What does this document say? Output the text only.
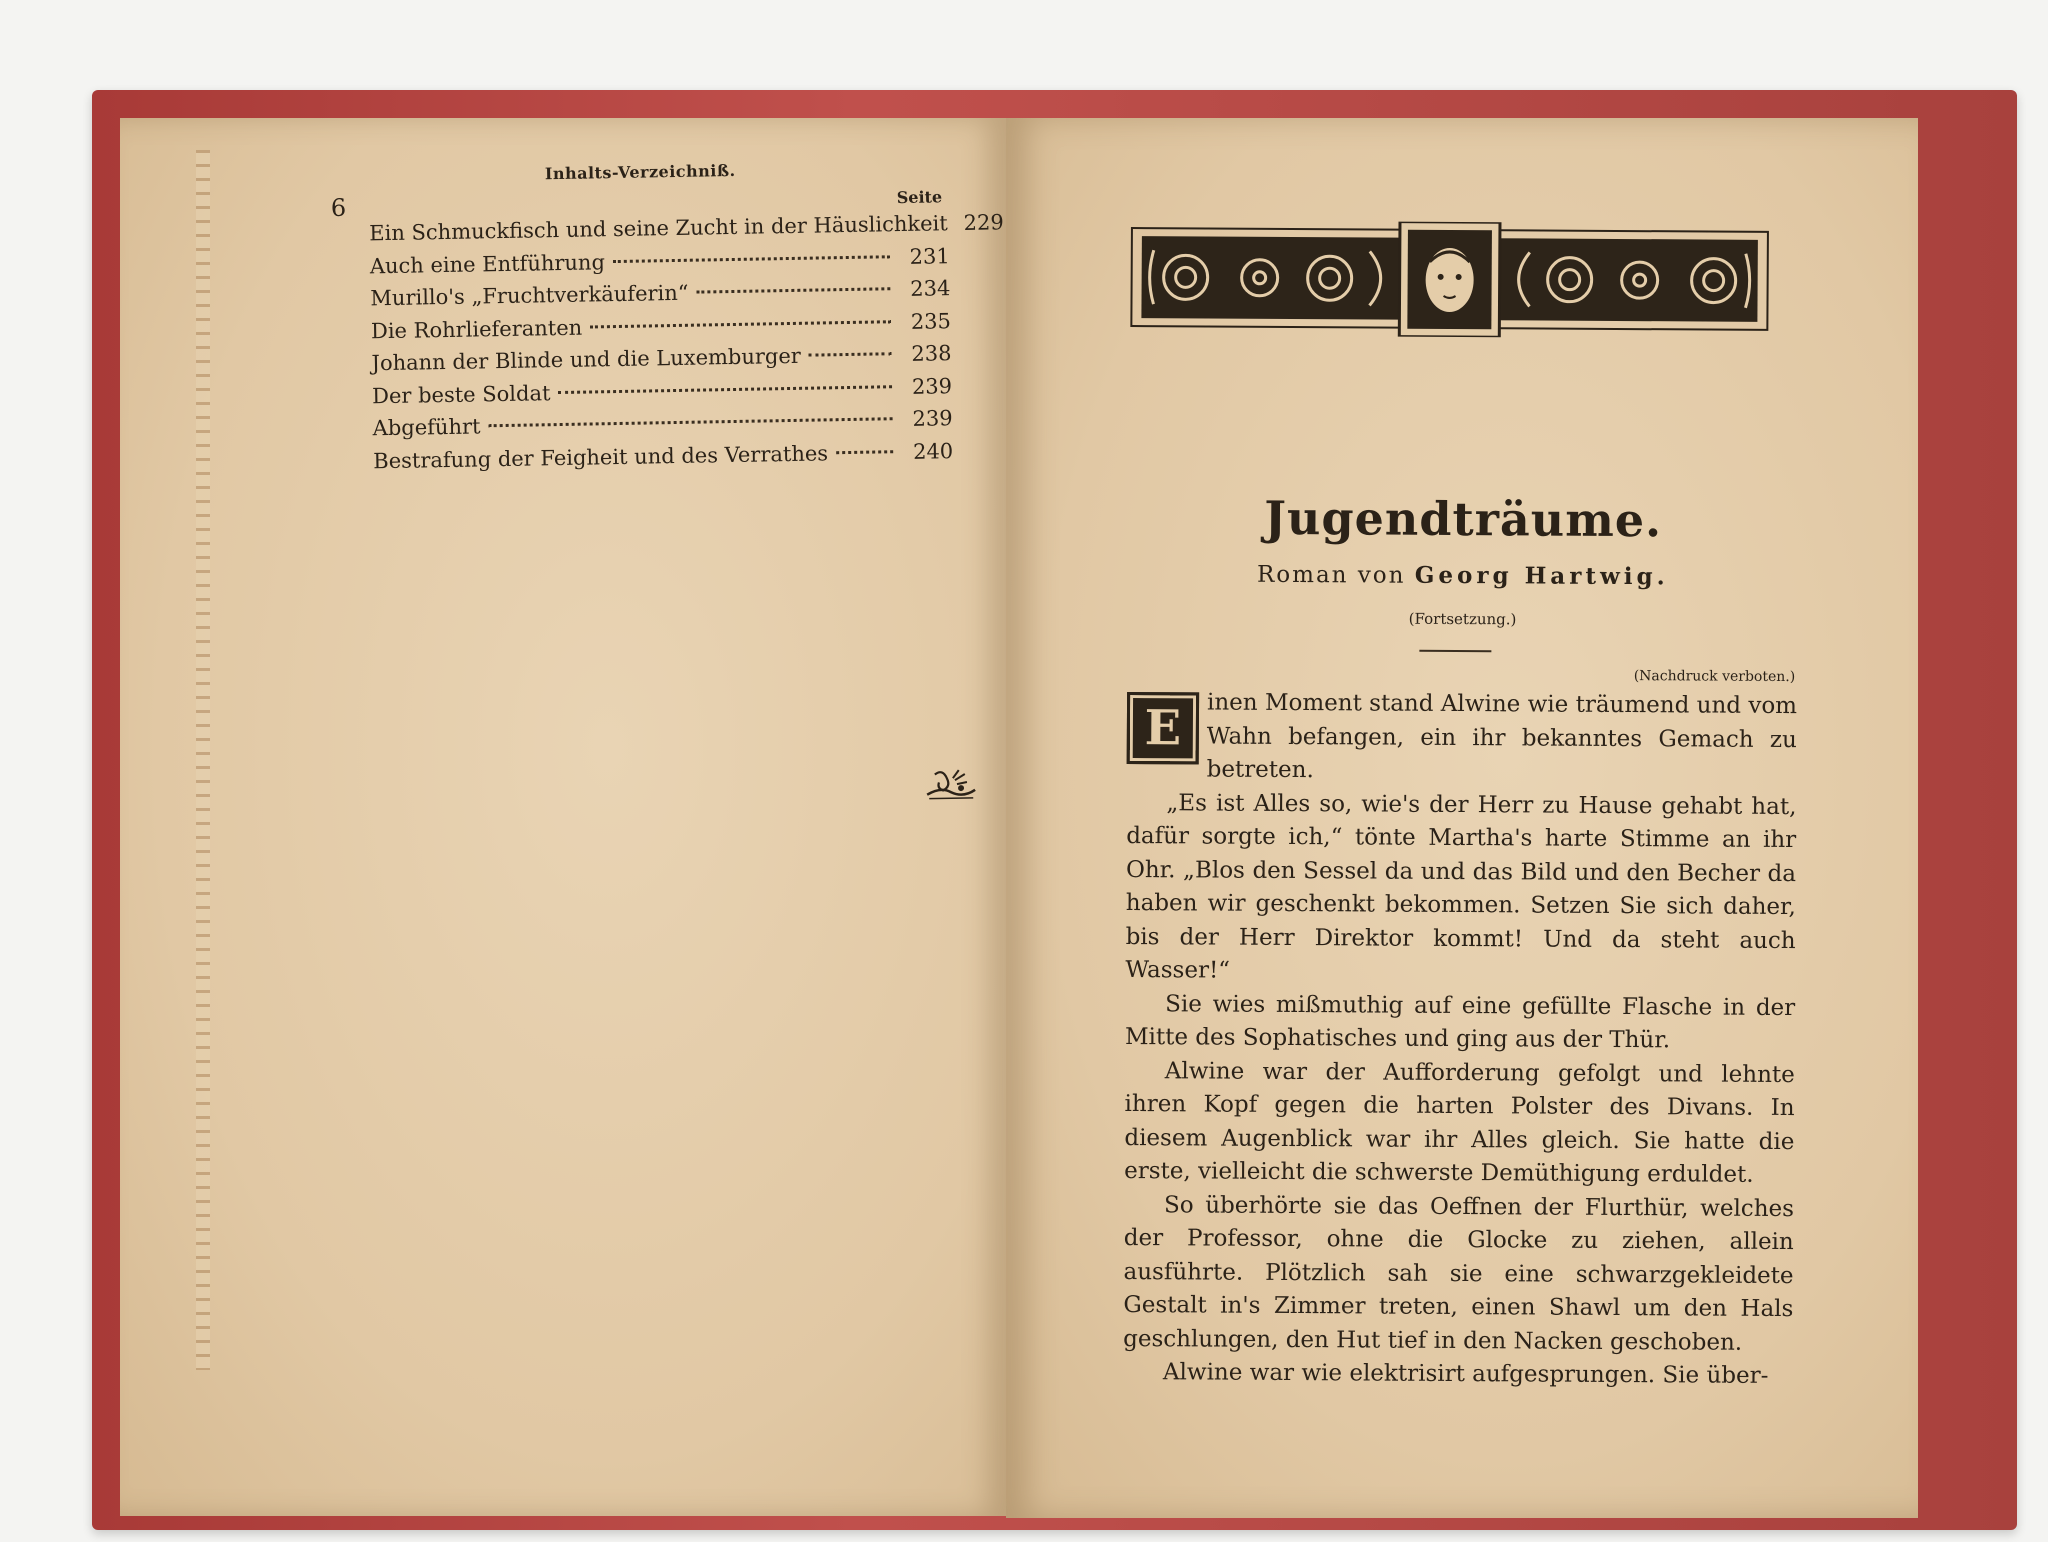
Inhalts-Verzeichniß.
6	Seite
Ein Schmuckfisch und seine Zucht in der Häuslichkeit 229
Auch eine Entführung	231
Murillo's „Fruchtverkäuferin“	234
Die Rohrlieferanten	235
Johann der Blinde und die Luxemburger	238
Der beste Soldat	239
Abgeführt	239
Bestrafung der Feigheit und des Verrathes	240
Jugendträume.
Roman von Georg Hartwig.
(Fortsetzung.)
(Nachdruck verboten.)

E	inen Moment stand Alwine wie träumend und vom Wahn befangen, ein ihr bekanntes Gemach zu betreten.

„Es ist Alles so, wie's der Herr zu Hause gehabt hat, dafür sorgte ich,“ tönte Martha's harte Stimme an ihr Ohr. „Blos den Sessel da und das Bild und den Becher da haben wir geschenkt bekommen. Setzen Sie sich daher, bis der Herr Direktor kommt! Und da steht auch Wasser!“

Sie wies mißmuthig auf eine gefüllte Flasche in der Mitte des Sophatisches und ging aus der Thür.

Alwine war der Aufforderung gefolgt und lehnte ihren Kopf gegen die harten Polster des Divans. In diesem Augenblick war ihr Alles gleich. Sie hatte die erste, vielleicht die schwerste Demüthigung erduldet.

So überhörte sie das Oeffnen der Flurthür, welches der Professor, ohne die Glocke zu ziehen, allein ausführte. Plötzlich sah sie eine schwarzgekleidete Gestalt in's Zimmer treten, einen Shawl um den Hals geschlungen, den Hut tief in den Nacken geschoben.

Alwine war wie elektrisirt aufgesprungen. Sie über-
